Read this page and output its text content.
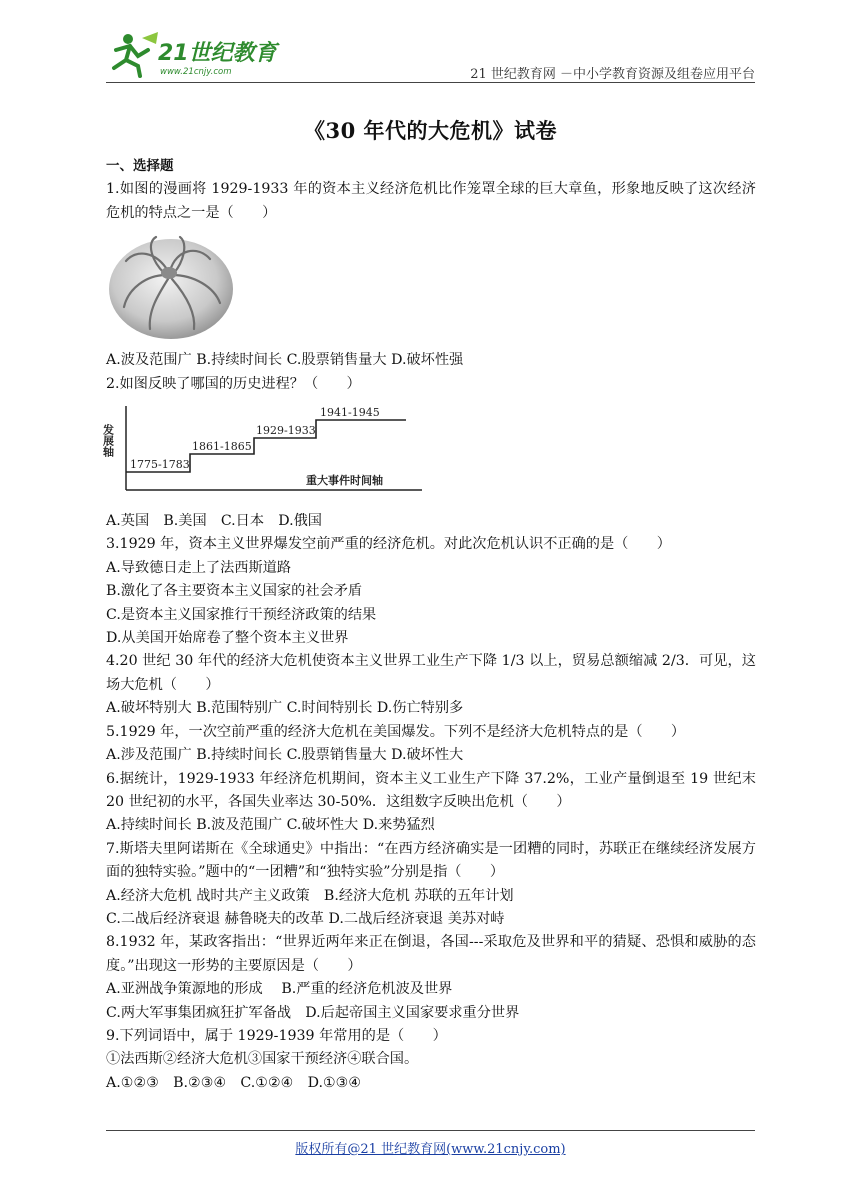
21世纪教育
www.21cnjy.com	21 世纪教育网 －中小学教育资源及组卷应用平台
《30 年代的大危机》试卷

一、选择题

1.如图的漫画将 1929-1933 年的资本主义经济危机比作笼罩全球的巨大章鱼，形象地反映了这次经济危机的特点之一是（　　）

A.波及范围广 B.持续时间长 C.股票销售量大 D.破坏性强

2.如图反映了哪国的历史进程？（　　）

发展轴
1775-1783
1861-1865
1929-1933
1941-1945
重大事件时间轴

A.英国　B.美国　C.日本　D.俄国

3.1929 年，资本主义世界爆发空前严重的经济危机。对此次危机认识不正确的是（　　）

A.导致德日走上了法西斯道路

B.激化了各主要资本主义国家的社会矛盾

C.是资本主义国家推行干预经济政策的结果

D.从美国开始席卷了整个资本主义世界

4.20 世纪 30 年代的经济大危机使资本主义世界工业生产下降 1/3 以上，贸易总额缩减 2/3．可见，这场大危机（　　）

A.破坏特别大 B.范围特别广 C.时间特别长 D.伤亡特别多

5.1929 年，一次空前严重的经济大危机在美国爆发。下列不是经济大危机特点的是（　　）

A.涉及范围广 B.持续时间长 C.股票销售量大 D.破坏性大

6.据统计，1929-1933 年经济危机期间，资本主义工业生产下降 37.2%，工业产量倒退至 19 世纪末 20 世纪初的水平，各国失业率达 30-50%．这组数字反映出危机（　　）

A.持续时间长 B.波及范围广 C.破坏性大 D.来势猛烈

7.斯塔夫里阿诺斯在《全球通史》中指出：“在西方经济确实是一团糟的同时，苏联正在继续经济发展方面的独特实验。”题中的“一团糟”和“独特实验”分别是指（　　）

A.经济大危机 战时共产主义政策　B.经济大危机 苏联的五年计划

C.二战后经济衰退 赫鲁晓夫的改革 D.二战后经济衰退 美苏对峙

8.1932 年，某政客指出：“世界近两年来正在倒退，各国---采取危及世界和平的猜疑、恐惧和威胁的态度。”出现这一形势的主要原因是（　　）

A.亚洲战争策源地的形成　 B.严重的经济危机波及世界

C.两大军事集团疯狂扩军备战　D.后起帝国主义国家要求重分世界

9.下列词语中，属于 1929-1939 年常用的是（　　）

①法西斯②经济大危机③国家干预经济④联合国。

A.①②③　B.②③④　C.①②④　D.①③④

版权所有@21 世纪教育网(www.21cnjy.com)
